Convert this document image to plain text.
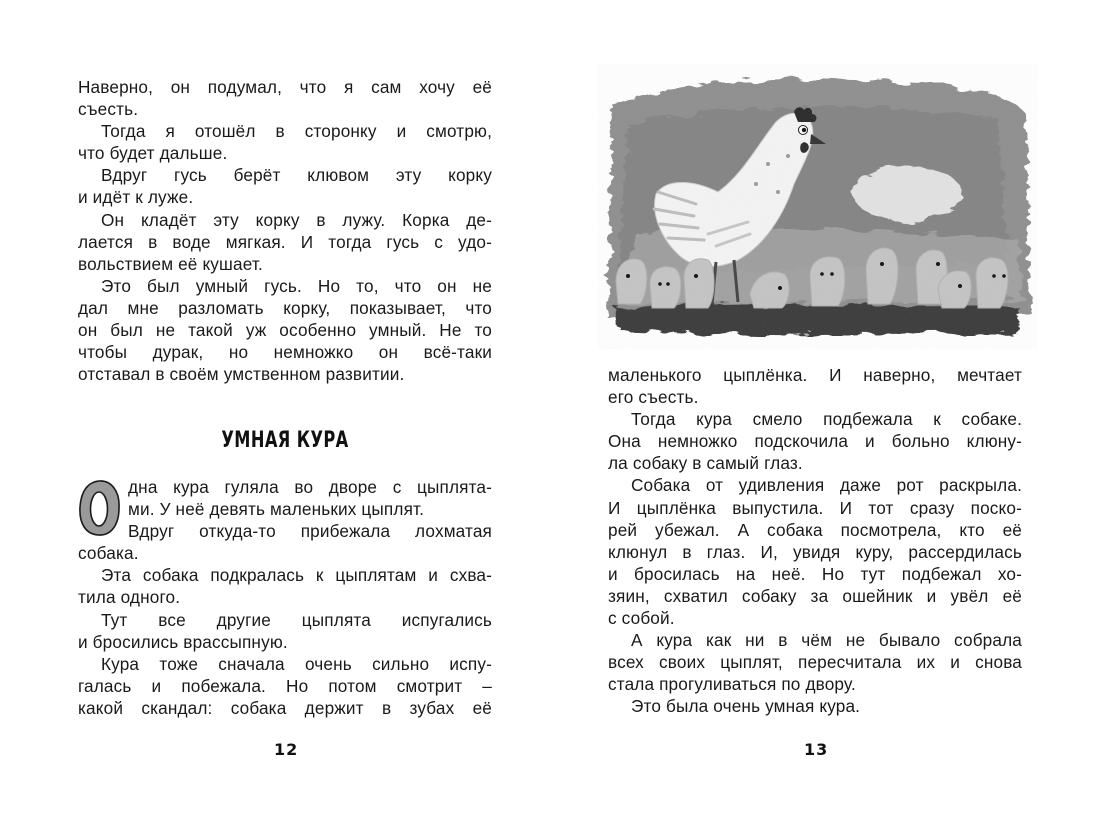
Наверно, он подумал, что я сам хочу её
съесть.
Тогда я отошёл в сторонку и смотрю,
что будет дальше.
Вдруг гусь берёт клювом эту корку
и идёт к луже.
Он кладёт эту корку в лужу. Корка де-
лается в воде мягкая. И тогда гусь с удо-
вольствием её кушает.
Это был умный гусь. Но то, что он не
дал мне разломать корку, показывает, что
он был не такой уж особенно умный. Не то
чтобы дурак, но немножко он всё-таки
отставал в своём умственном развитии.
УМНАЯ КУРА
дна кура гуляла во дворе с цыплята-
ми. У неё девять маленьких цыплят.
Вдруг откуда-то прибежала лохматая
собака.
Эта собака подкралась к цыплятам и схва-
тила одного.
Тут все другие цыплята испугались
и бросились врассыпную.
Кура тоже сначала очень сильно испу-
галась и побежала. Но потом смотрит –
какой скандал: собака держит в зубах её
12
маленького цыплёнка. И наверно, мечтает
его съесть.
Тогда кура смело подбежала к собаке.
Она немножко подскочила и больно клюну-
ла собаку в самый глаз.
Собака от удивления даже рот раскрыла.
И цыплёнка выпустила. И тот сразу поско-
рей убежал. А собака посмотрела, кто её
клюнул в глаз. И, увидя куру, рассердилась
и бросилась на неё. Но тут подбежал хо-
зяин, схватил собаку за ошейник и увёл её
с собой.
А кура как ни в чём не бывало собрала
всех своих цыплят, пересчитала их и снова
стала прогуливаться по двору.
Это была очень умная кура.
13
